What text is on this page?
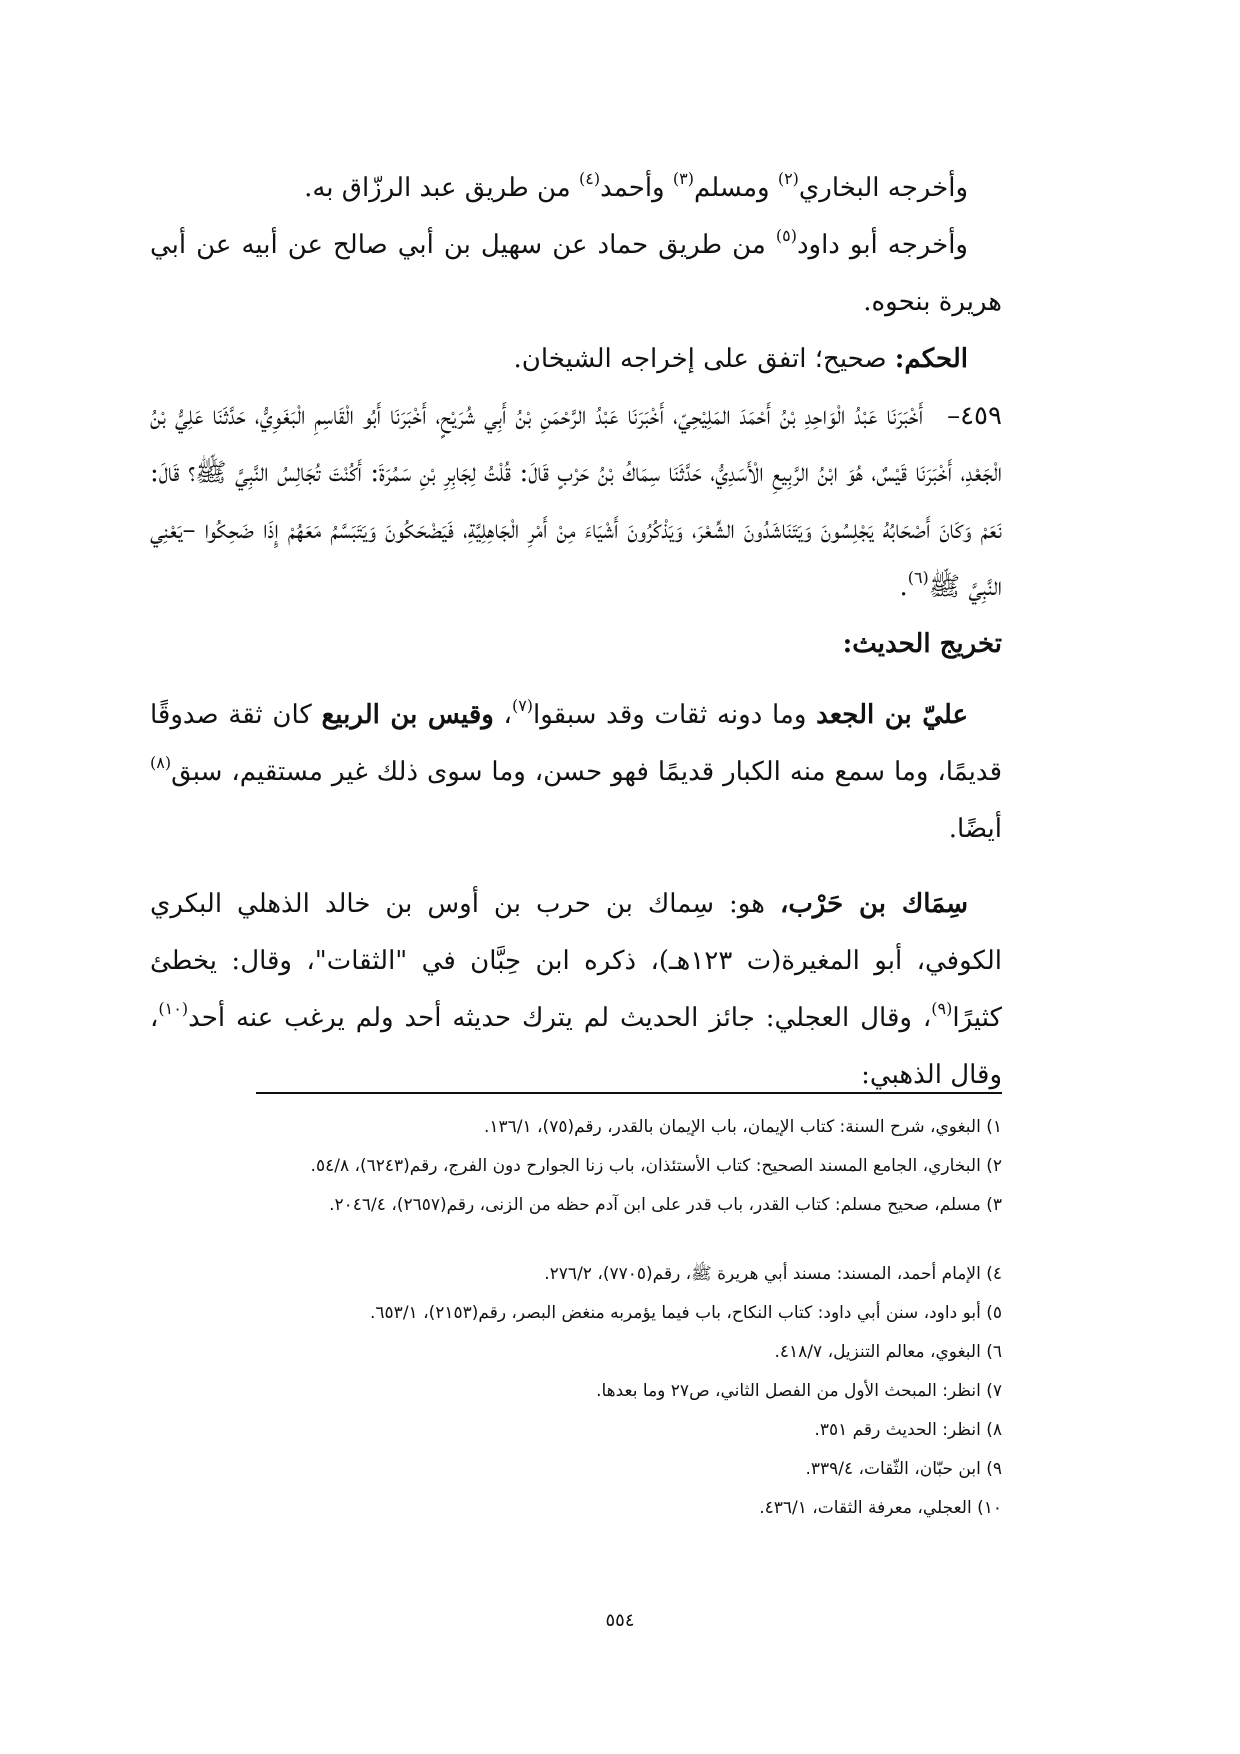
وأخرجه البخاري$^{(٢)}$ ومسلم$^{(٣)}$ وأحمد$^{(٤)}$ من طريق عبد الرزّاق به.

وأخرجه أبو داود$^{(٥)}$ من طريق حماد عن سهيل بن أبي صالح عن أبيه عن أبي هريرة بنحوه.

الحكم: صحيح؛ اتفق على إخراجه الشيخان.

٤٥٩–أَخْبَرَنَا عَبْدُ الْوَاحِدِ بْنُ أَحْمَدَ المَلِيْحِيّ، أَخْبَرَنَا عَبْدُ الرَّحْمَنِ بْنُ أَبِي شُرَيْحٍ، أَخْبَرَنَا أَبُو الْقَاسِمِ الْبَغَوِيُّ، حَدَّثَنَا عَلِيُّ بْنُ الْجَعْدِ، أَخْبَرَنَا قَيْسٌ، هُوَ ابْنُ الرَّبِيعِ الْأَسَدِيُّ، حَدَّثَنَا سِمَاكُ بْنُ حَرْبٍ قَالَ: قُلْتُ لِجَابِرِ بْنِ سَمُرَةَ: أَكُنْتَ تُجَالِسُ النَّبِيَّ ﷺ؟ قَالَ: نَعَمْ وَكَانَ أَصْحَابُهُ يَجْلِسُونَ وَيَتَنَاشَدُونَ الشِّعْرَ، وَيَذْكُرُونَ أَشْيَاءَ مِنْ أَمْرِ الْجَاهِلِيَّةِ، فَيَضْحَكُونَ وَيَتَبَسَّمُ مَعَهُمْ إِذَا ضَحِكُوا –يَعْنِي النَّبِيَّ ﷺ$^{(٦)}$.

تخريج الحديث:

عليّ بن الجعد وما دونه ثقات وقد سبقوا$^{(٧)}$، وقيس بن الربيع كان ثقة صدوقًا قديمًا، وما سمع منه الكبار قديمًا فهو حسن، وما سوى ذلك غير مستقيم، سبق$^{(٨)}$ أيضًا.

سِمَاك بن حَرْب، هو: سِماك بن حرب بن أوس بن خالد الذهلي البكري الكوفي، أبو المغيرة(ت ١٢٣هـ)، ذكره ابن حِبَّان في "الثقات"، وقال: يخطئ كثيرًا$^{(٩)}$، وقال العجلي: جائز الحديث لم يترك حديثه أحد ولم يرغب عنه أحد$^{(١٠)}$، وقال الذهبي:

١) البغوي، شرح السنة: كتاب الإيمان، باب الإيمان بالقدر، رقم(٧٥)، ١٣٦/١.
٢) البخاري، الجامع المسند الصحيح: كتاب الأستئذان، باب زنا الجوارح دون الفرج، رقم(٦٢٤٣)، ٥٤/٨.
٣) مسلم، صحيح مسلم: كتاب القدر، باب قدر على ابن آدم حظه من الزنى، رقم(٢٦٥٧)، ٢٠٤٦/٤.
٤) الإمام أحمد، المسند: مسند أبي هريرة ﷺ، رقم(٧٧٠٥)، ٢٧٦/٢.
٥) أبو داود، سنن أبي داود: كتاب النكاح، باب فيما يؤمربه منغض البصر، رقم(٢١٥٣)، ٦٥٣/١.
٦) البغوي، معالم التنزيل، ٤١٨/٧.
٧) انظر: المبحث الأول من الفصل الثاني، ص٢٧ وما بعدها.
٨) انظر: الحديث رقم ٣٥١.
٩) ابن حبّان، الثّقات، ٣٣٩/٤.
١٠) العجلي، معرفة الثقات، ٤٣٦/١.
٥٥٤
